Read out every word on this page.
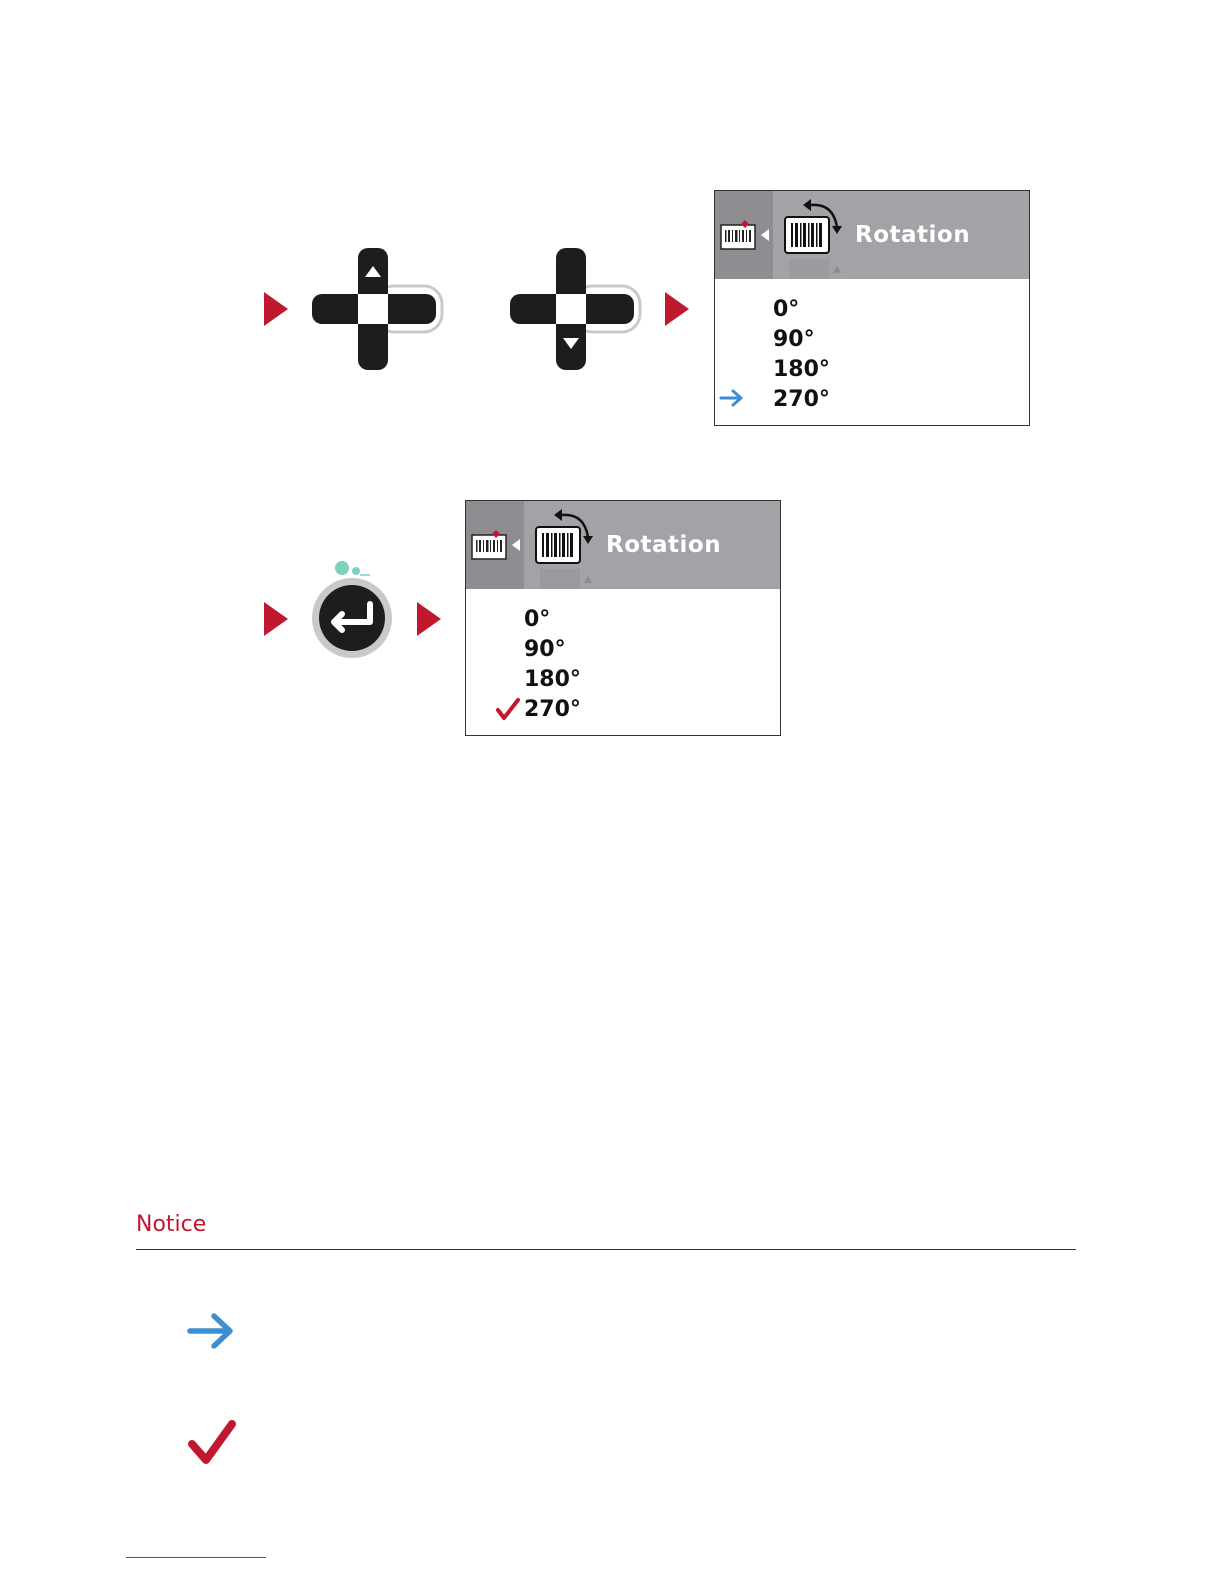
Rotation
0°
90°
180°
270°
Rotation
0°
90°
180°
270°
Notice
